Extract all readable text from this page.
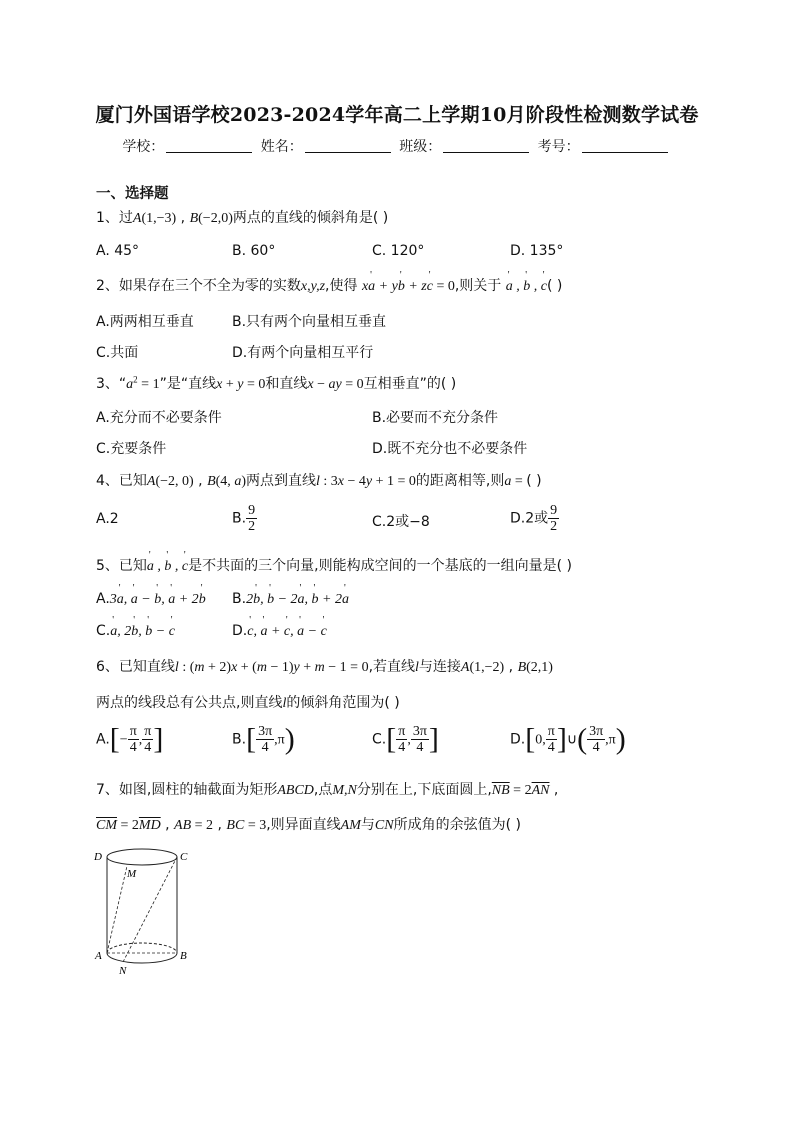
厦门外国语学校2023-2024学年高二上学期10月阶段性检测数学试卷
学校：	姓名：	班级：	考号：
一、选择题
1、过A(1,−3) , B(−2,0)两点的直线的倾斜角是( )
A. 45°	B. 60°	C. 120°	D. 135°
2、如果存在三个不全为零的实数x,y,z,使得 x' a + y' b + z' c = 0,则关于 ' a , ' b , ' c( )
A.两两相互垂直	B.只有两个向量相互垂直
C.共面	D.有两个向量相互平行
3、“$a^2 = 1$”是“直线x + y = 0和直线x − ay = 0互相垂直”的( )
A.充分而不必要条件	B.必要而不充分条件
C.充要条件	D.既不充分也不必要条件
4、已知A(−2, 0) , B(4, a)两点到直线l : 3x − 4y + 1 = 0的距离相等,则a = ( )
A.2	B. $\frac{9}{2}$	C.2或−8	D.2或 $\frac{9}{2}$
5、已知' a , ' b , ' c是不共面的三个向量,则能构成空间的一个基底的一组向量是( )
A.3' a, ' a − ' b, ' a + 2' b B.2' b, ' b − 2' a, ' b + 2' a
C.' a, 2' b, ' b − ' c	D.' c, ' a + ' c, ' a − ' c
6、已知直线l : (m + 2)x + (m − 1)y + m − 1 = 0,若直线l与连接A(1,−2) , B(2,1)
两点的线段总有公共点,则直线l的倾斜角范围为( )
$A.[- \frac{\pi}{4}$ , $\frac{\pi}{4}$ ]	$B.[ \frac{3\pi}{4} ,\pi)$	$C.[ \frac{\pi}{4}$ , $\frac{3\pi}{4}$ ]	D.[0, $\frac{\pi}{4}$ ]∪( $\frac{3\pi}{4} ,\pi$)
7、如图,圆柱的轴截面为矩形ABCD,点M,N分别在上,下底面圆上$,\overline{NB} = 2\overline{AN}$ ,
$\overline{CM} = 2\overline{MD}$ , AB = 2 , BC = 3,则异面直线AM与CN所成角的余弦值为( )
D	C
M
A	B
N
